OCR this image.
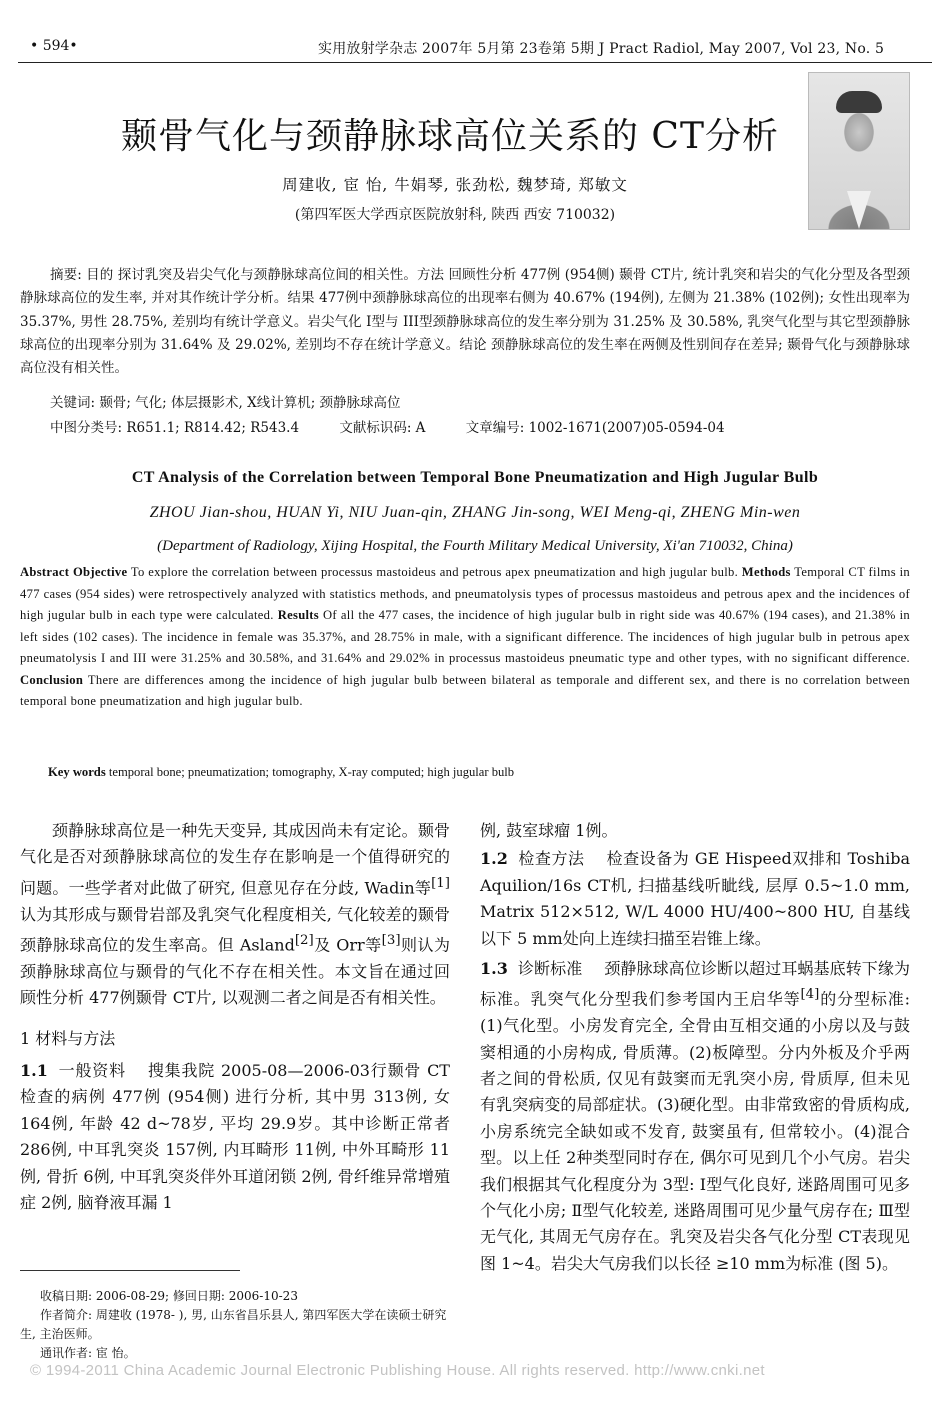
• 594•	实用放射学杂志 2007年 5月第 23卷第 5期 J Pract Radiol, May 2007, Vol 23, No. 5
颞骨气化与颈静脉球高位关系的 CT分析
周建收, 宦 怡, 牛娟琴, 张劲松, 魏梦琦, 郑敏文
(第四军医大学西京医院放射科, 陕西 西安 710032)
摘要: 目的 探讨乳突及岩尖气化与颈静脉球高位间的相关性。方法 回顾性分析 477例 (954侧) 颞骨 CT片, 统计乳突和岩尖的气化分型及各型颈静脉球高位的发生率, 并对其作统计学分析。结果 477例中颈静脉球高位的出现率右侧为 40.67% (194例), 左侧为 21.38% (102例); 女性出现率为 35.37%, 男性 28.75%, 差别均有统计学意义。岩尖气化 I型与 III型颈静脉球高位的发生率分别为 31.25% 及 30.58%, 乳突气化型与其它型颈静脉球高位的出现率分别为 31.64% 及 29.02%, 差别均不存在统计学意义。结论 颈静脉球高位的发生率在两侧及性别间存在差异; 颞骨气化与颈静脉球高位没有相关性。
关键词: 颞骨; 气化; 体层摄影术, X线计算机; 颈静脉球高位
中图分类号: R651.1; R814.42; R543.4	文献标识码: A	文章编号: 1002-1671(2007)05-0594-04
CT Analysis of the Correlation between Temporal Bone Pneumatization and High Jugular Bulb
ZHOU Jian-shou, HUAN Yi, NIU Juan-qin, ZHANG Jin-song, WEI Meng-qi, ZHENG Min-wen
(Department of Radiology, Xijing Hospital, the Fourth Military Medical University, Xi'an 710032, China)
Abstract Objective To explore the correlation between processus mastoideus and petrous apex pneumatization and high jugular bulb. Methods Temporal CT films in 477 cases (954 sides) were retrospectively analyzed with statistics methods, and pneumatolysis types of processus mastoideus and petrous apex and the incidences of high jugular bulb in each type were calculated. Results Of all the 477 cases, the incidence of high jugular bulb in right side was 40.67% (194 cases), and 21.38% in left sides (102 cases). The incidence in female was 35.37%, and 28.75% in male, with a significant difference. The incidences of high jugular bulb in petrous apex pneumatolysis I and III were 31.25% and 30.58%, and 31.64% and 29.02% in processus mastoideus pneumatic type and other types, with no significant difference. Conclusion There are differences among the incidence of high jugular bulb between bilateral as temporale and different sex, and there is no correlation between temporal bone pneumatization and high jugular bulb.
Key words temporal bone; pneumatization; tomography, X-ray computed; high jugular bulb

颈静脉球高位是一种先天变异, 其成因尚未有定论。颞骨气化是否对颈静脉球高位的发生存在影响是一个值得研究的问题。一些学者对此做了研究, 但意见存在分歧, Wadin等[1]认为其形成与颞骨岩部及乳突气化程度相关, 气化较差的颞骨颈静脉球高位的发生率高。但 Asland[2]及 Orr等[3]则认为颈静脉球高位与颞骨的气化不存在相关性。本文旨在通过回顾性分析 477例颞骨 CT片, 以观测二者之间是否有相关性。

1 材料与方法

1.1 一般资料 搜集我院 2005-08—2006-03行颞骨 CT检查的病例 477例 (954侧) 进行分析, 其中男 313例, 女 164例, 年龄 42 d~78岁, 平均 29.9岁。其中诊断正常者 286例, 中耳乳突炎 157例, 内耳畸形 11例, 中外耳畸形 11例, 骨折 6例, 中耳乳突炎伴外耳道闭锁 2例, 骨纤维异常增殖症 2例, 脑脊液耳漏 1

例, 鼓室球瘤 1例。

1.2 检查方法 检查设备为 GE Hispeed双排和 Toshiba Aquilion/16s CT机, 扫描基线听眦线, 层厚 0.5~1.0 mm, Matrix 512×512, W/L 4000 HU/400~800 HU, 自基线以下 5 mm处向上连续扫描至岩锥上缘。

1.3 诊断标准 颈静脉球高位诊断以超过耳蜗基底转下缘为标准。乳突气化分型我们参考国内王启华等[4]的分型标准: (1)气化型。小房发育完全, 全骨由互相交通的小房以及与鼓窦相通的小房构成, 骨质薄。(2)板障型。分内外板及介乎两者之间的骨松质, 仅见有鼓窦而无乳突小房, 骨质厚, 但未见有乳突病变的局部症状。(3)硬化型。由非常致密的骨质构成, 小房系统完全缺如或不发育, 鼓窦虽有, 但常较小。(4)混合型。以上任 2种类型同时存在, 偶尔可见到几个小气房。岩尖我们根据其气化程度分为 3型: Ⅰ型气化良好, 迷路周围可见多个气化小房; Ⅱ型气化较差, 迷路周围可见少量气房存在; Ⅲ型无气化, 其周无气房存在。乳突及岩尖各气化分型 CT表现见图 1~4。岩尖大气房我们以长径 ≥10 mm为标准 (图 5)。

收稿日期: 2006-08-29; 修回日期: 2006-10-23

作者简介: 周建收 (1978- ), 男, 山东省昌乐县人, 第四军医大学在读硕士研究生, 主治医师。

通讯作者: 宦 怡。

© 1994-2011 China Academic Journal Electronic Publishing House. All rights reserved. http://www.cnki.net
